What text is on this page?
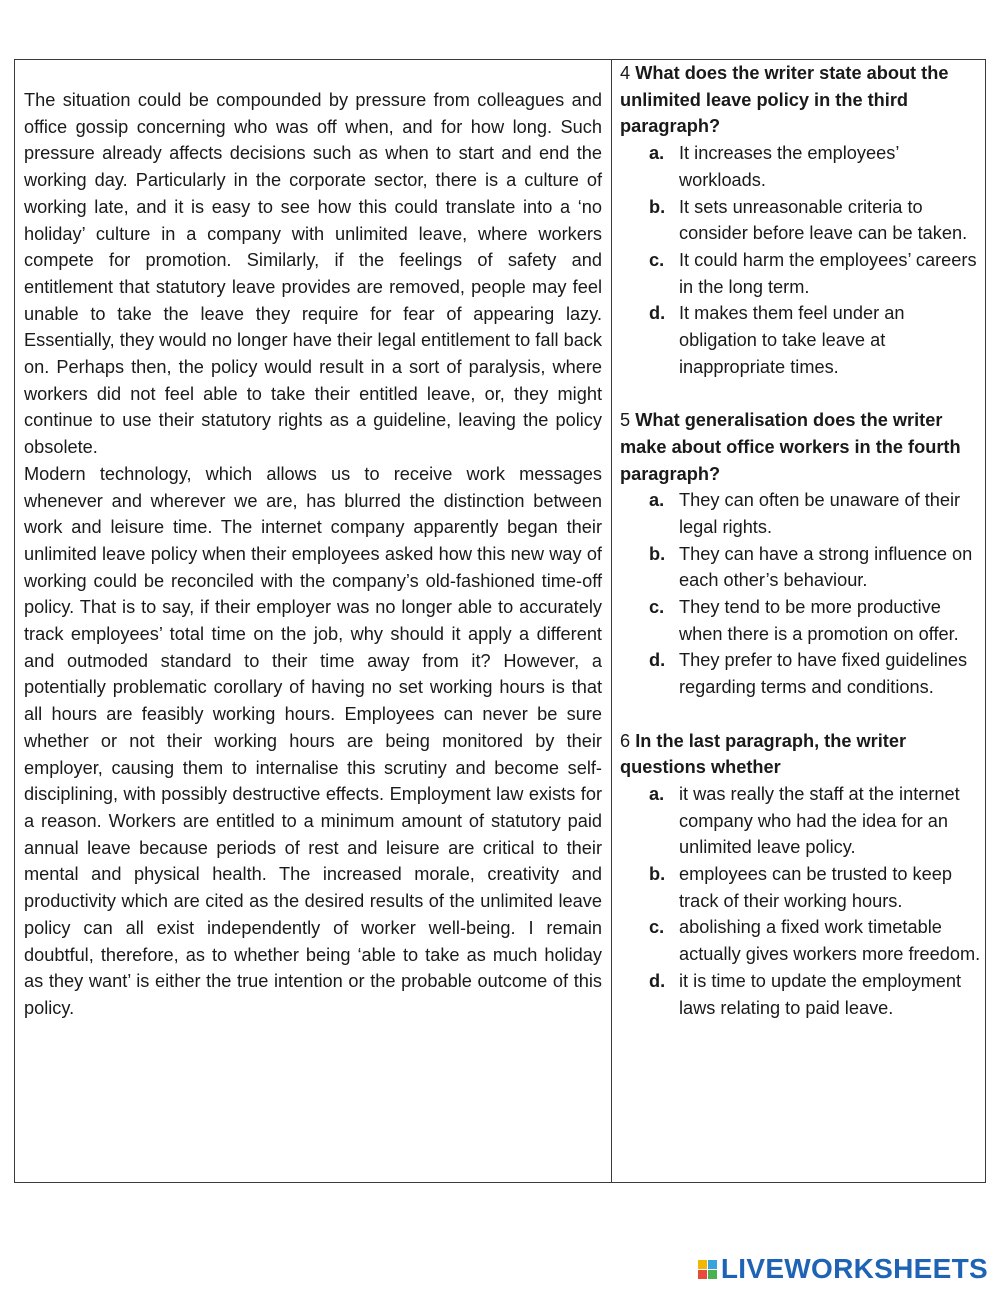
The situation could be compounded by pressure from colleagues and office gossip concerning who was off when, and for how long. Such pressure already affects decisions such as when to start and end the working day. Particularly in the corporate sector, there is a culture of working late, and it is easy to see how this could translate into a ‘no holiday’ culture in a company with unlimited leave, where workers compete for promotion. Similarly, if the feelings of safety and entitlement that statutory leave provides are removed, people may feel unable to take the leave they require for fear of appearing lazy. Essentially, they would no longer have their legal entitlement to fall back on. Perhaps then, the policy would result in a sort of paralysis, where workers did not feel able to take their entitled leave, or, they might continue to use their statutory rights as a guideline, leaving the policy obsolete.

Modern technology, which allows us to receive work messages whenever and wherever we are, has blurred the distinction between work and leisure time. The internet company apparently began their unlimited leave policy when their employees asked how this new way of working could be reconciled with the company’s old-fashioned time-off policy. That is to say, if their employer was no longer able to accurately track employees’ total time on the job, why should it apply a different and outmoded standard to their time away from it? However, a potentially problematic corollary of having no set working hours is that all hours are feasibly working hours. Employees can never be sure whether or not their working hours are being monitored by their employer, causing them to internalise this scrutiny and become self-disciplining, with possibly destructive effects. Employment law exists for a reason. Workers are entitled to a minimum amount of statutory paid annual leave because periods of rest and leisure are critical to their mental and physical health. The increased morale, creativity and productivity which are cited as the desired results of the unlimited leave policy can all exist independently of worker well-being. I remain doubtful, therefore, as to whether being ‘able to take as much holiday as they want’ is either the true intention or the probable outcome of this policy.

4 What does the writer state about the unlimited leave policy in the third paragraph?

a. It increases the employees’ workloads.
b. It sets unreasonable criteria to consider before leave can be taken.
c. It could harm the employees’ careers in the long term.
d. It makes them feel under an obligation to take leave at inappropriate times.

5 What generalisation does the writer make about office workers in the fourth paragraph?

a. They can often be unaware of their legal rights.
b. They can have a strong influence on each other’s behaviour.
c. They tend to be more productive when there is a promotion on offer.
d. They prefer to have fixed guidelines regarding terms and conditions.

6 In the last paragraph, the writer questions whether

a. it was really the staff at the internet company who had the idea for an unlimited leave policy.
b. employees can be trusted to keep track of their working hours.
c. abolishing a fixed work timetable actually gives workers more freedom.
d. it is time to update the employment laws relating to paid leave.
LIVEWORKSHEETS
